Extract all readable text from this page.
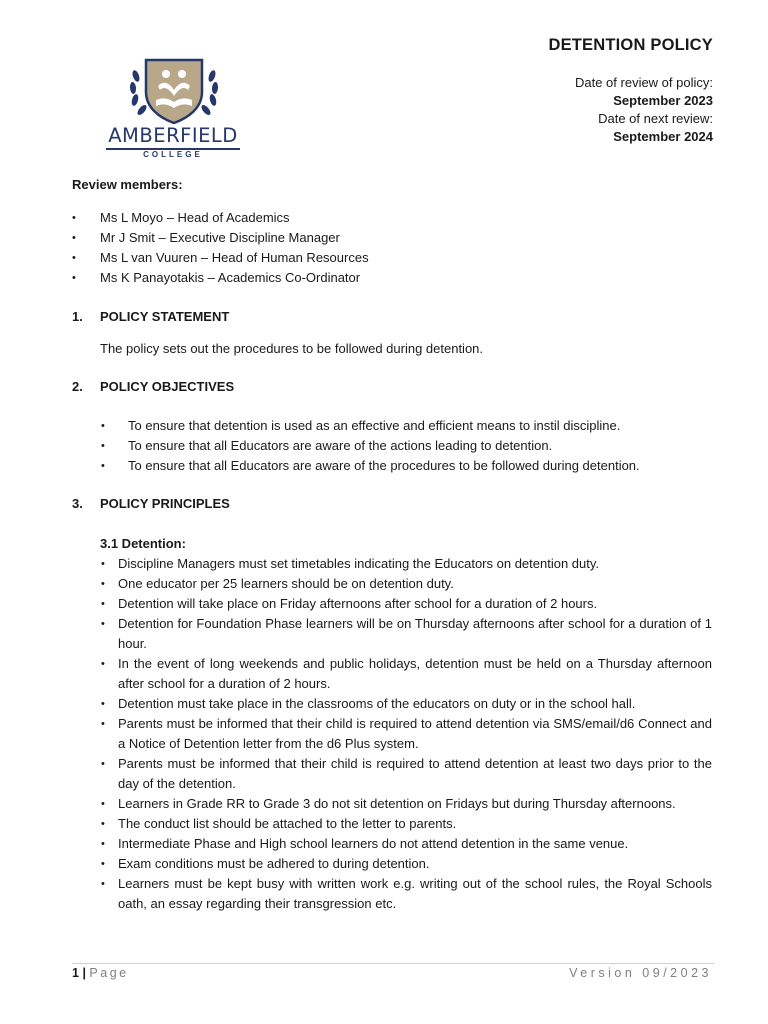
AMBERFIELD
COLLEGE
DETENTION POLICY
Date of review of policy:
September 2023
Date of next review:
September 2024
Review members:
• Ms L Moyo – Head of Academics
• Mr J Smit – Executive Discipline Manager
• Ms L van Vuuren – Head of Human Resources
• Ms K Panayotakis – Academics Co-Ordinator
1. POLICY STATEMENT
The policy sets out the procedures to be followed during detention.
2. POLICY OBJECTIVES
• To ensure that detention is used as an effective and efficient means to instil discipline.
• To ensure that all Educators are aware of the actions leading to detention.
• To ensure that all Educators are aware of the procedures to be followed during detention.
3. POLICY PRINCIPLES
3.1 Detention:
• Discipline Managers must set timetables indicating the Educators on detention duty.
• One educator per 25 learners should be on detention duty.
• Detention will take place on Friday afternoons after school for a duration of 2 hours.
• Detention for Foundation Phase learners will be on Thursday afternoons after school for a duration of 1 hour.
• In the event of long weekends and public holidays, detention must be held on a Thursday afternoon after school for a duration of 2 hours.
• Detention must take place in the classrooms of the educators on duty or in the school hall.
• Parents must be informed that their child is required to attend detention via SMS/email/d6 Connect and a Notice of Detention letter from the d6 Plus system.
• Parents must be informed that their child is required to attend detention at least two days prior to the day of the detention.
• Learners in Grade RR to Grade 3 do not sit detention on Fridays but during Thursday afternoons.
• The conduct list should be attached to the letter to parents.
• Intermediate Phase and High school learners do not attend detention in the same venue.
• Exam conditions must be adhered to during detention.
• Learners must be kept busy with written work e.g. writing out of the school rules, the Royal Schools oath, an essay regarding their transgression etc.
1 | Page	Version 09/2023
